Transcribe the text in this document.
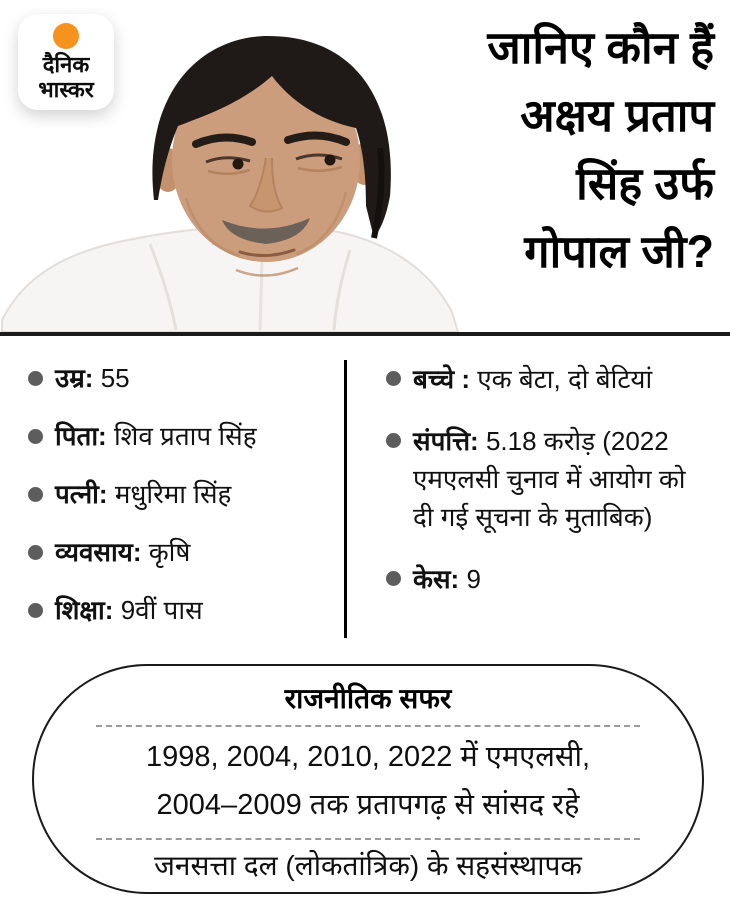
दैनिक
भास्कर
जानिए कौन हैं
अक्षय प्रताप
सिंह उर्फ
गोपाल जी?
उम्र: 55
पिता: शिव प्रताप सिंह
पत्नी: मधुरिमा सिंह
व्यवसाय: कृषि
शिक्षा: 9वीं पास
बच्चे : एक बेटा, दो बेटियां
संपत्ति: 5.18 करोड़ (2022 एमएलसी चुनाव में आयोग को दी गई सूचना के मुताबिक)
केस: 9
राजनीतिक सफर
1998, 2004, 2010, 2022 में एमएलसी,
2004–2009 तक प्रतापगढ़ से सांसद रहे
जनसत्ता दल (लोकतांत्रिक) के सहसंस्थापक
